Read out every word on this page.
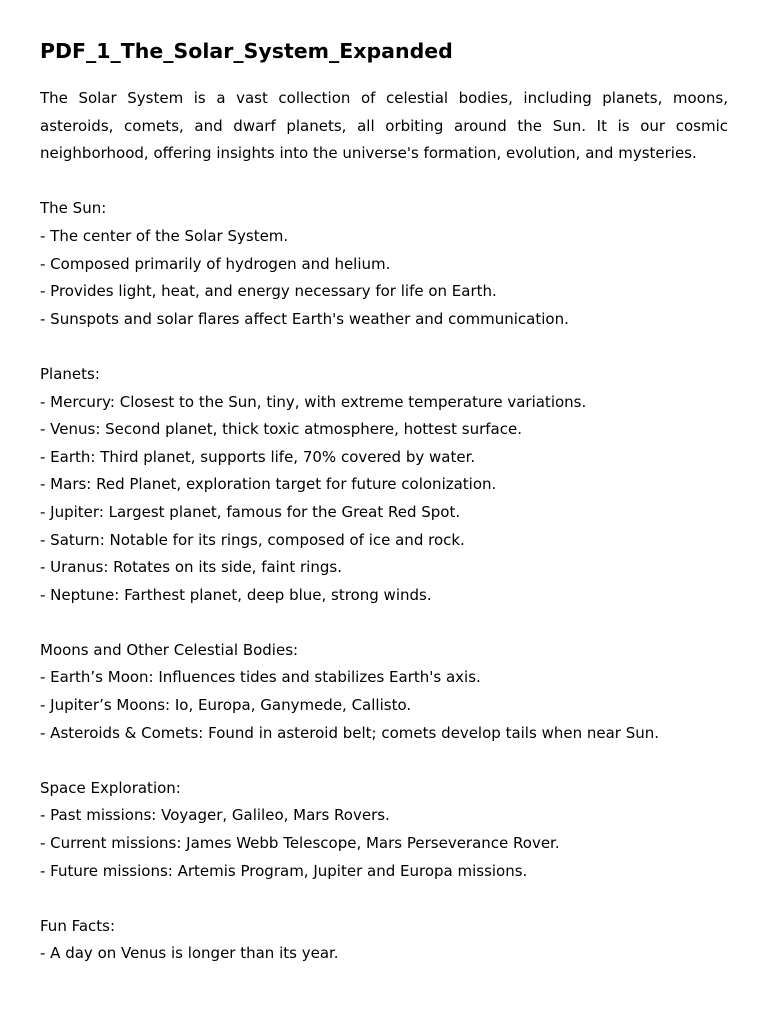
PDF_1_The_Solar_System_Expanded

The Solar System is a vast collection of celestial bodies, including planets, moons, asteroids, comets, and dwarf planets, all orbiting around the Sun. It is our cosmic neighborhood, offering insights into the universe's formation, evolution, and mysteries.

The Sun:
- The center of the Solar System.
- Composed primarily of hydrogen and helium.
- Provides light, heat, and energy necessary for life on Earth.
- Sunspots and solar flares affect Earth's weather and communication.
Planets:
- Mercury: Closest to the Sun, tiny, with extreme temperature variations.
- Venus: Second planet, thick toxic atmosphere, hottest surface.
- Earth: Third planet, supports life, 70% covered by water.
- Mars: Red Planet, exploration target for future colonization.
- Jupiter: Largest planet, famous for the Great Red Spot.
- Saturn: Notable for its rings, composed of ice and rock.
- Uranus: Rotates on its side, faint rings.
- Neptune: Farthest planet, deep blue, strong winds.
Moons and Other Celestial Bodies:
- Earth’s Moon: Influences tides and stabilizes Earth's axis.
- Jupiter’s Moons: Io, Europa, Ganymede, Callisto.
- Asteroids & Comets: Found in asteroid belt; comets develop tails when near Sun.
Space Exploration:
- Past missions: Voyager, Galileo, Mars Rovers.
- Current missions: James Webb Telescope, Mars Perseverance Rover.
- Future missions: Artemis Program, Jupiter and Europa missions.
Fun Facts:
- A day on Venus is longer than its year.
